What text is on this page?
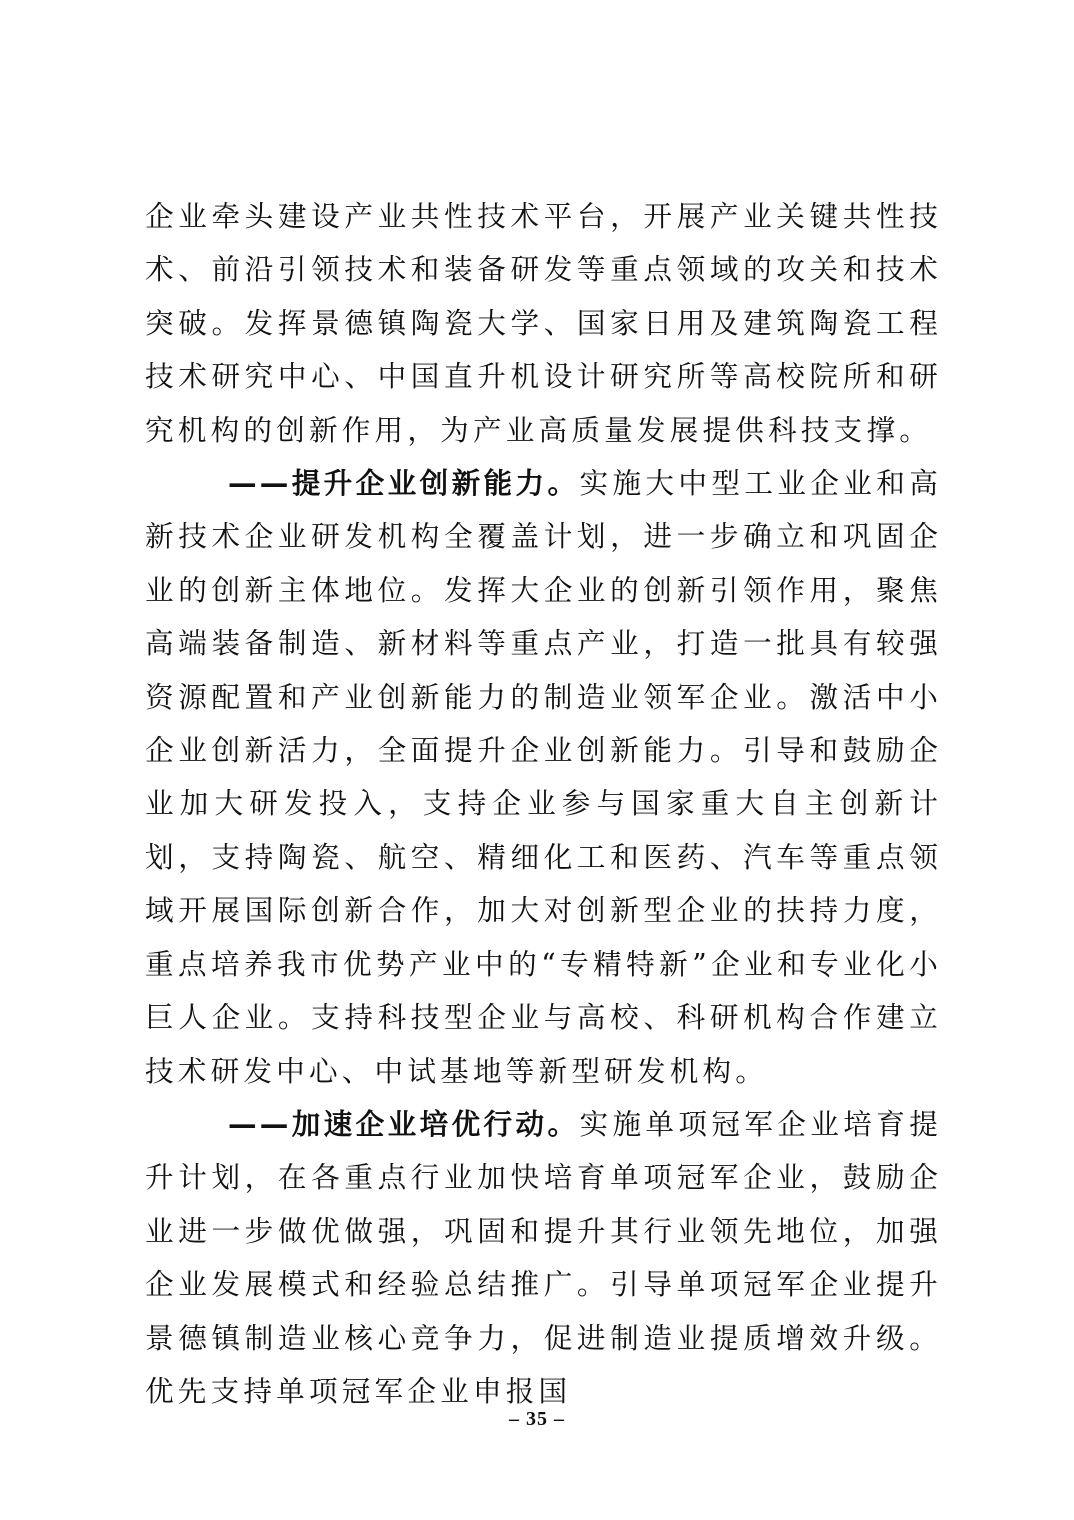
企业牵头建设产业共性技术平台，开展产业关键共性技术、前沿引领技术和装备研发等重点领域的攻关和技术突破。发挥景德镇陶瓷大学、国家日用及建筑陶瓷工程技术研究中心、中国直升机设计研究所等高校院所和研究机构的创新作用，为产业高质量发展提供科技支撑。

——提升企业创新能力。实施大中型工业企业和高新技术企业研发机构全覆盖计划，进一步确立和巩固企业的创新主体地位。发挥大企业的创新引领作用，聚焦高端装备制造、新材料等重点产业，打造一批具有较强资源配置和产业创新能力的制造业领军企业。激活中小企业创新活力，全面提升企业创新能力。引导和鼓励企业加大研发投入，支持企业参与国家重大自主创新计划，支持陶瓷、航空、精细化工和医药、汽车等重点领域开展国际创新合作，加大对创新型企业的扶持力度，重点培养我市优势产业中的“专精特新”企业和专业化小巨人企业。支持科技型企业与高校、科研机构合作建立技术研发中心、中试基地等新型研发机构。

——加速企业培优行动。实施单项冠军企业培育提升计划，在各重点行业加快培育单项冠军企业，鼓励企业进一步做优做强，巩固和提升其行业领先地位，加强企业发展模式和经验总结推广。引导单项冠军企业提升景德镇制造业核心竞争力，促进制造业提质增效升级。优先支持单项冠军企业申报国

– 35 –
